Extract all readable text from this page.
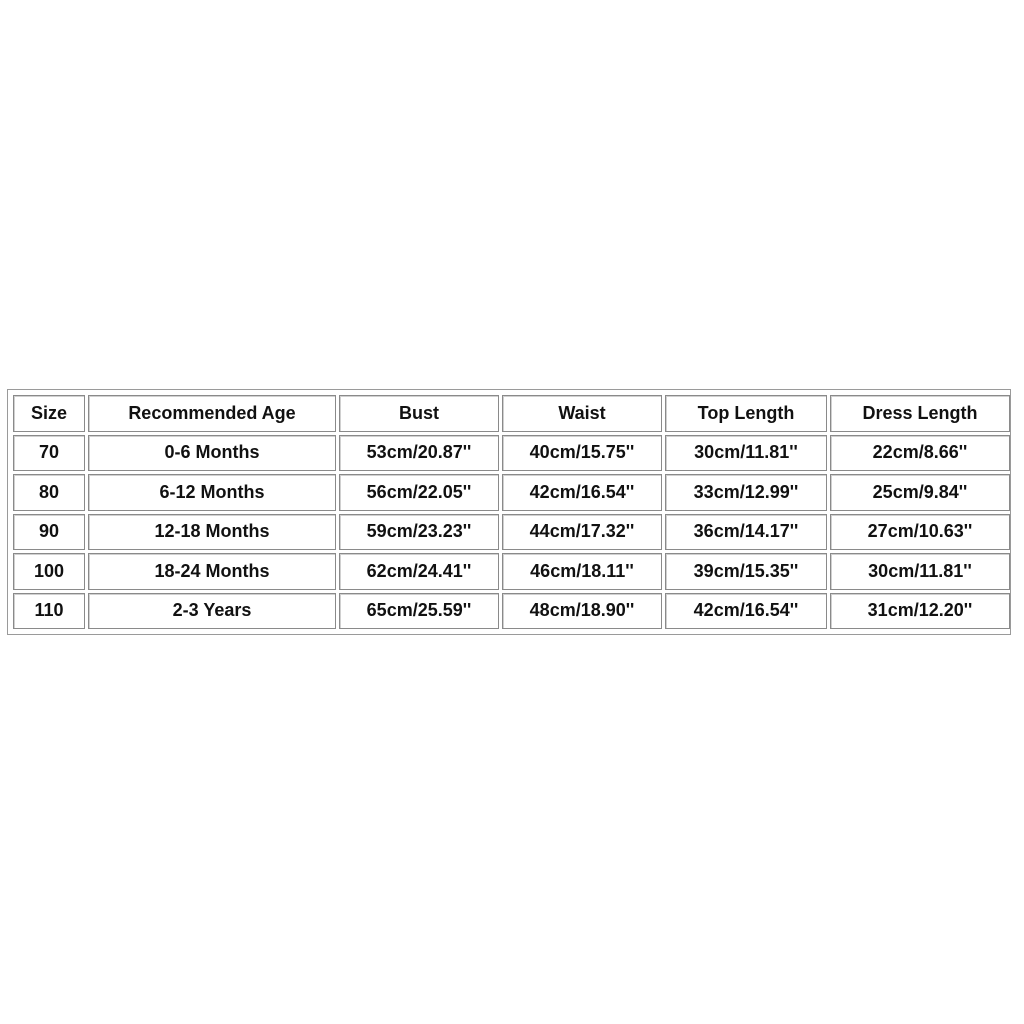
Size	Recommended Age	Bust	Waist	Top Length	Dress Length
70	0-6 Months	53cm/20.87''	40cm/15.75''	30cm/11.81''	22cm/8.66''
80	6-12 Months	56cm/22.05''	42cm/16.54''	33cm/12.99''	25cm/9.84''
90	12-18 Months	59cm/23.23''	44cm/17.32''	36cm/14.17''	27cm/10.63''
100	18-24 Months	62cm/24.41''	46cm/18.11''	39cm/15.35''	30cm/11.81''
110	2-3 Years	65cm/25.59''	48cm/18.90''	42cm/16.54''	31cm/12.20''
